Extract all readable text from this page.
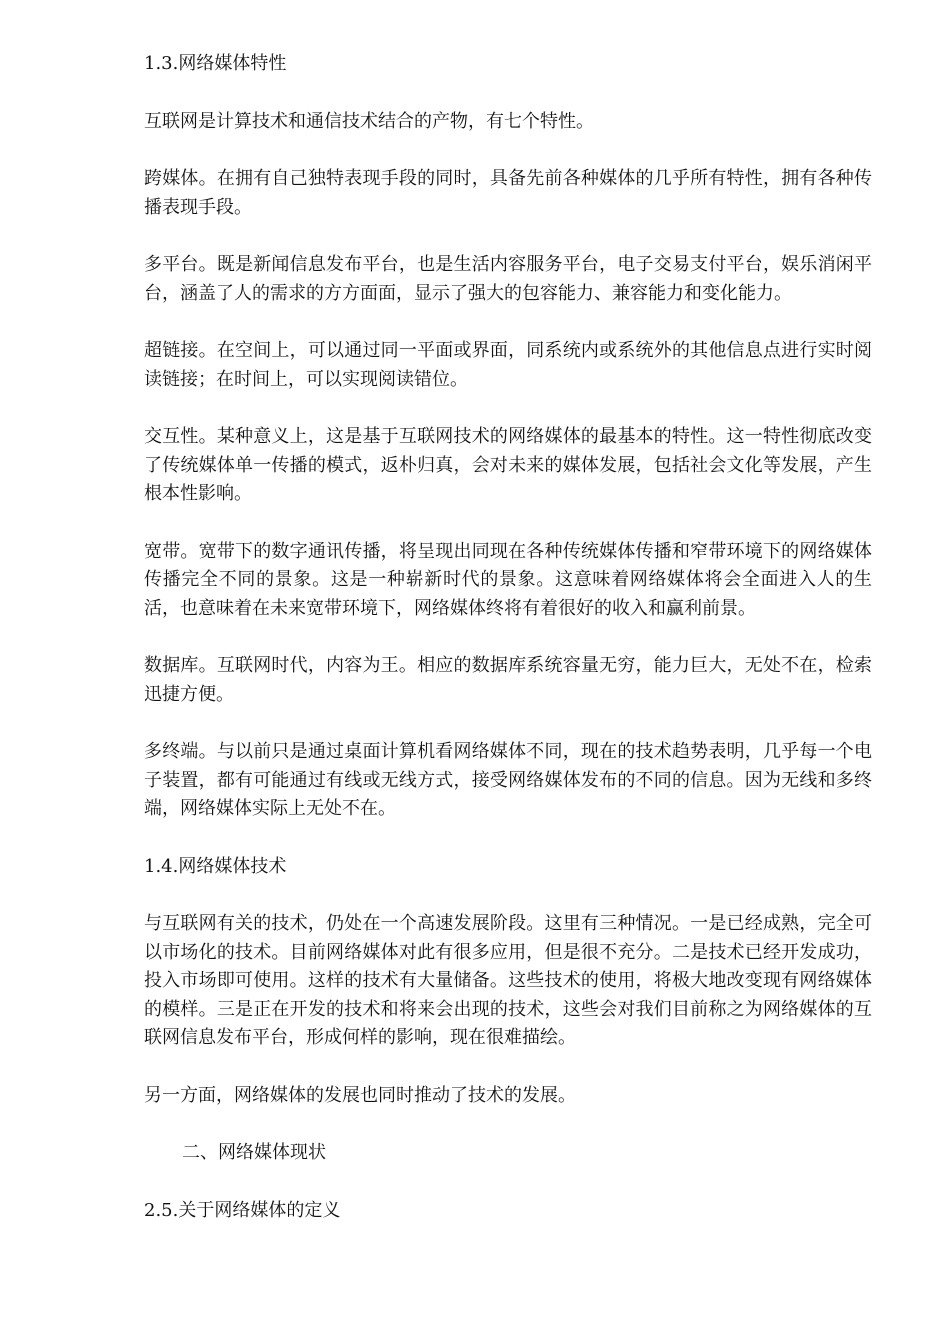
1.3.网络媒体特性

互联网是计算技术和通信技术结合的产物，有七个特性。

跨媒体。在拥有自己独特表现手段的同时，具备先前各种媒体的几乎所有特性，拥有各种传播表现手段。

多平台。既是新闻信息发布平台，也是生活内容服务平台，电子交易支付平台，娱乐消闲平台，涵盖了人的需求的方方面面，显示了强大的包容能力、兼容能力和变化能力。

超链接。在空间上，可以通过同一平面或界面，同系统内或系统外的其他信息点进行实时阅读链接；在时间上，可以实现阅读错位。

交互性。某种意义上，这是基于互联网技术的网络媒体的最基本的特性。这一特性彻底改变了传统媒体单一传播的模式，返朴归真，会对未来的媒体发展，包括社会文化等发展，产生根本性影响。

宽带。宽带下的数字通讯传播，将呈现出同现在各种传统媒体传播和窄带环境下的网络媒体传播完全不同的景象。这是一种崭新时代的景象。这意味着网络媒体将会全面进入人的生活，也意味着在未来宽带环境下，网络媒体终将有着很好的收入和赢利前景。

数据库。互联网时代，内容为王。相应的数据库系统容量无穷，能力巨大，无处不在，检索迅捷方便。

多终端。与以前只是通过桌面计算机看网络媒体不同，现在的技术趋势表明，几乎每一个电子装置，都有可能通过有线或无线方式，接受网络媒体发布的不同的信息。因为无线和多终端，网络媒体实际上无处不在。

1.4.网络媒体技术

与互联网有关的技术，仍处在一个高速发展阶段。这里有三种情况。一是已经成熟，完全可以市场化的技术。目前网络媒体对此有很多应用，但是很不充分。二是技术已经开发成功，投入市场即可使用。这样的技术有大量储备。这些技术的使用，将极大地改变现有网络媒体的模样。三是正在开发的技术和将来会出现的技术，这些会对我们目前称之为网络媒体的互联网信息发布平台，形成何样的影响，现在很难描绘。

另一方面，网络媒体的发展也同时推动了技术的发展。

二、网络媒体现状

2.5.关于网络媒体的定义
